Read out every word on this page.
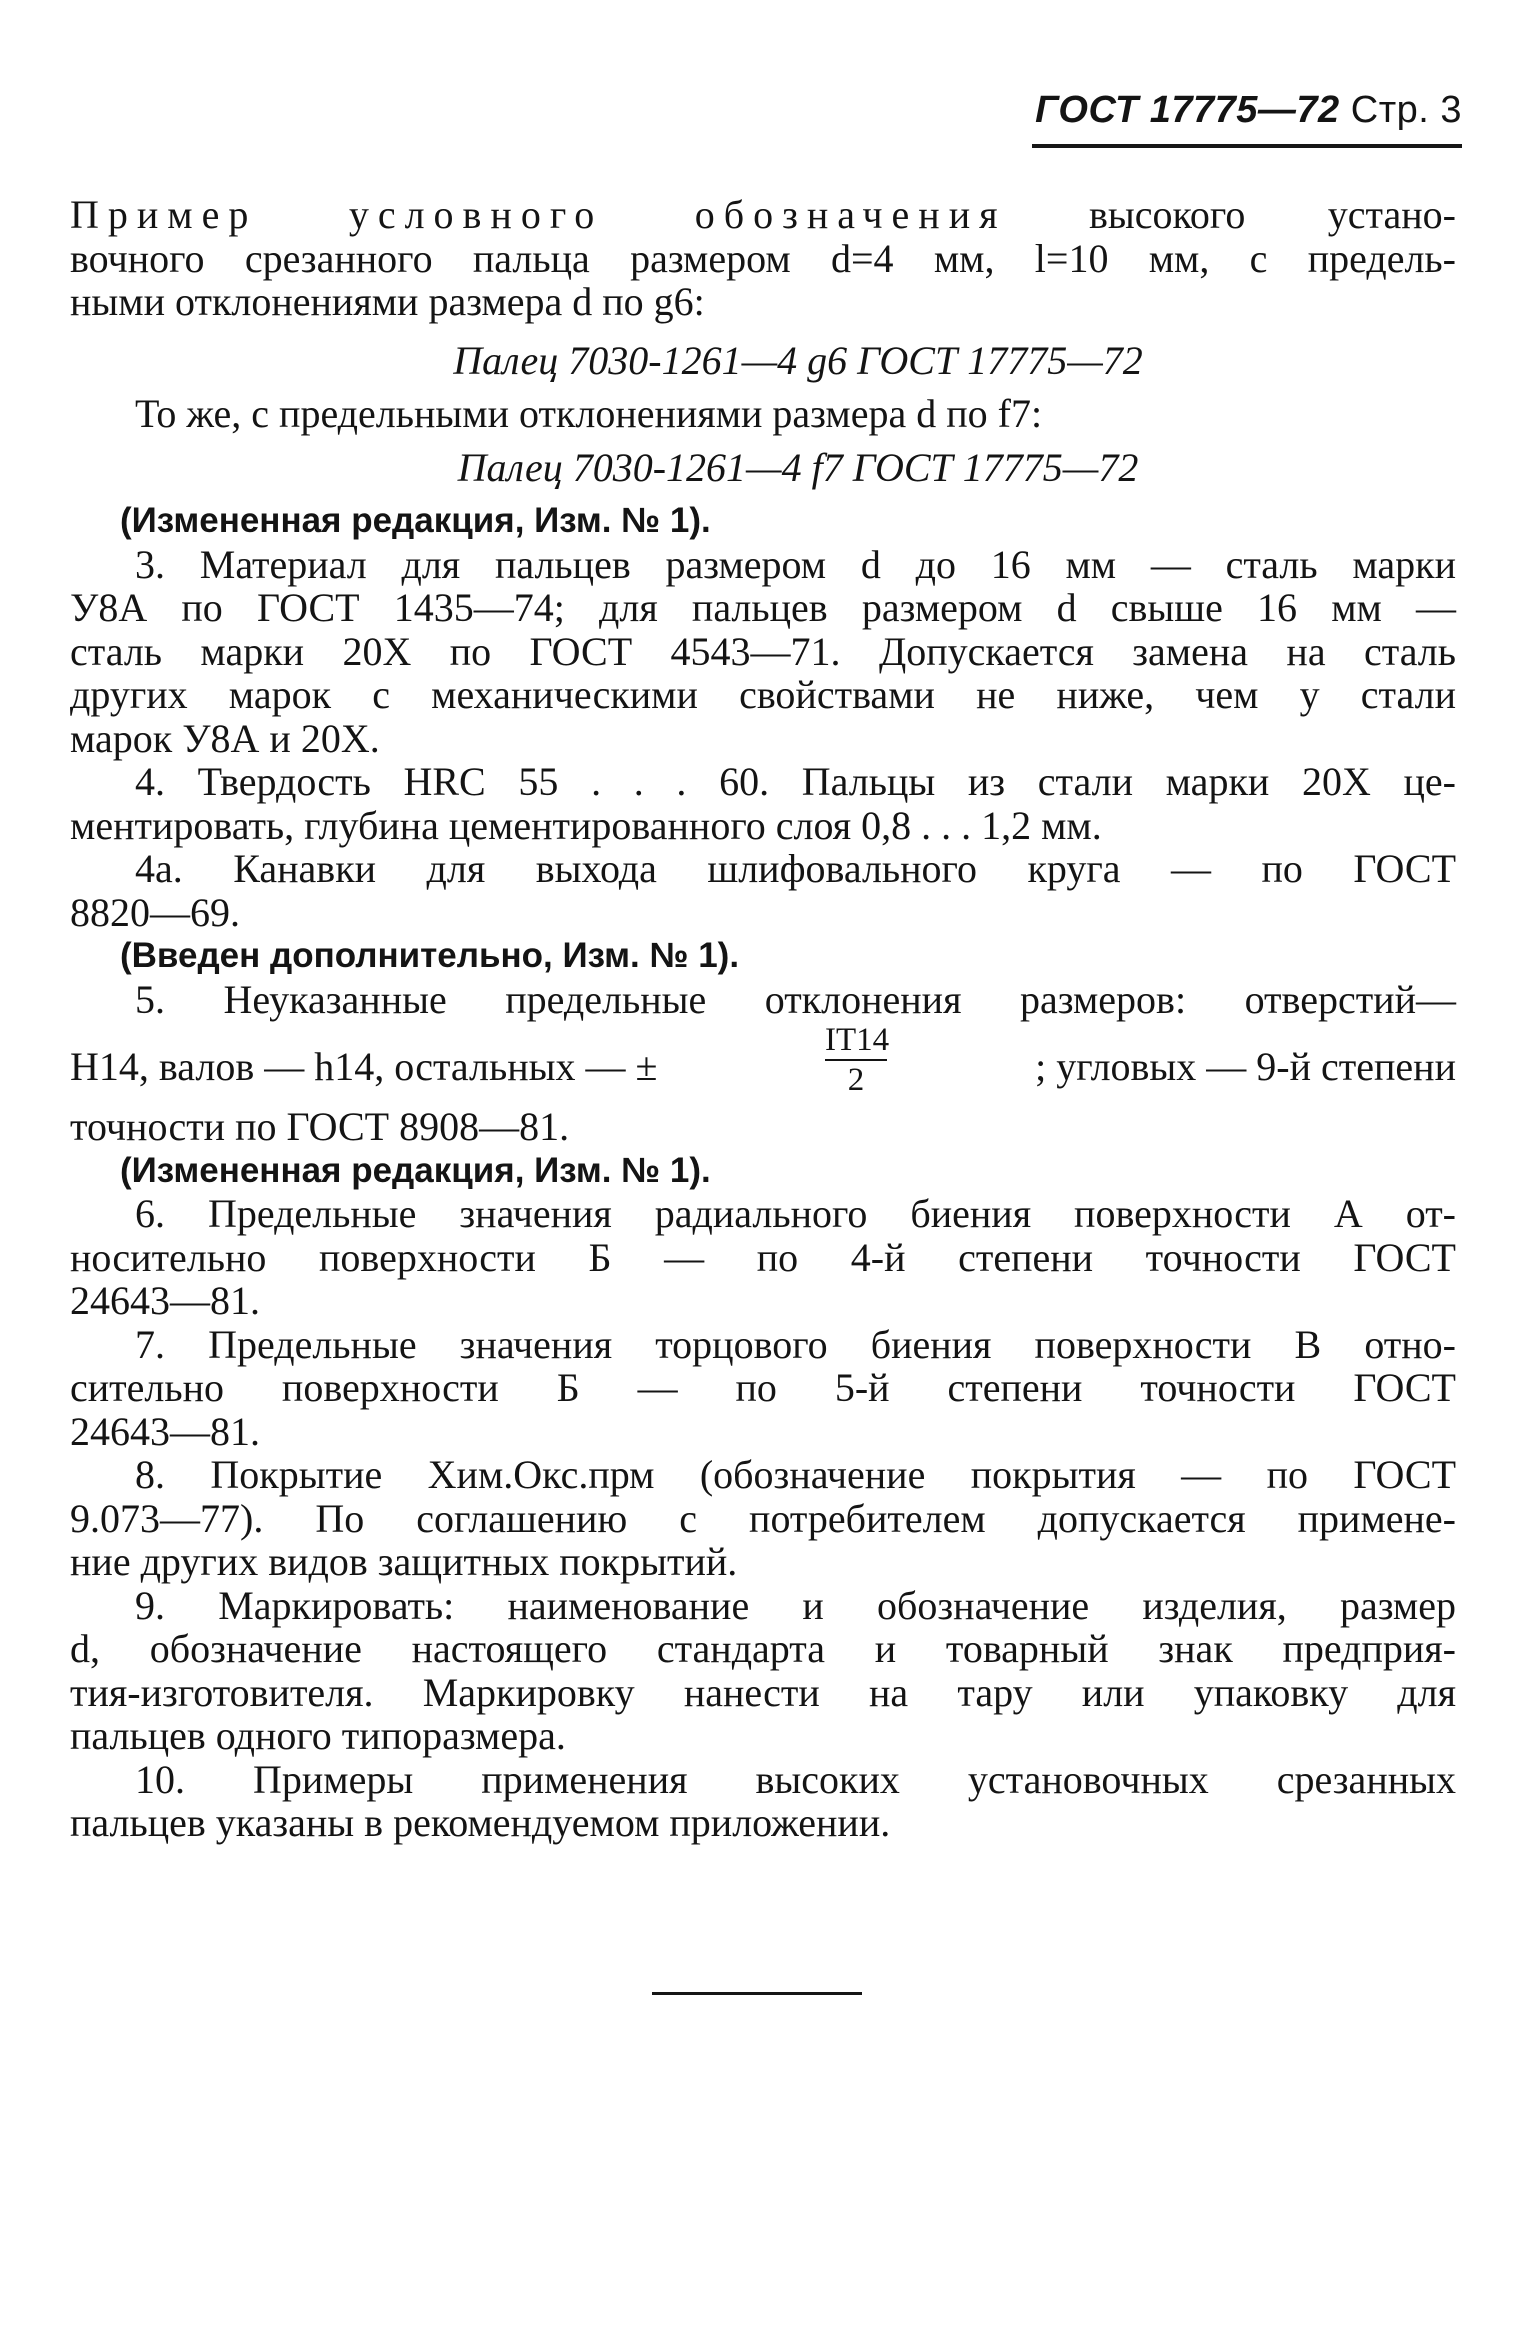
ГОСТ 17775—72 Стр. 3
Пример условного обозначения высокого устано-
вочного срезанного пальца размером d=4 мм, l=10 мм, с предель-
ными отклонениями размера d по g6:
Палец 7030-1261—4 g6 ГОСТ 17775—72
То же, с предельными отклонениями размера d по f7:
Палец 7030-1261—4 f7 ГОСТ 17775—72
(Измененная редакция, Изм. № 1).
3. Материал для пальцев размером d до 16 мм — сталь марки
У8А по ГОСТ 1435—74; для пальцев размером d свыше 16 мм —
сталь марки 20Х по ГОСТ 4543—71. Допускается замена на сталь
других марок с механическими свойствами не ниже, чем у стали
марок У8А и 20Х.
4. Твердость HRC 55 . . . 60. Пальцы из стали марки 20Х це-
ментировать, глубина цементированного слоя 0,8 . . . 1,2 мм.
4а. Канавки для выхода шлифовального круга — по ГОСТ
8820—69.
(Введен дополнительно, Изм. № 1).
5. Неуказанные предельные отклонения размеров: отверстий—
Н14, валов — h14, остальных — ±	$\frac{IT14}{2}$	; угловых — 9-й степени
точности по ГОСТ 8908—81.
(Измененная редакция, Изм. № 1).
6. Предельные значения радиального биения поверхности А от-
носительно поверхности Б — по 4-й степени точности ГОСТ
24643—81.
7. Предельные значения торцового биения поверхности В отно-
сительно поверхности Б — по 5-й степени точности ГОСТ
24643—81.
8. Покрытие Хим.Окс.прм (обозначение покрытия — по ГОСТ
9.073—77). По соглашению с потребителем допускается примене-
ние других видов защитных покрытий.
9. Маркировать: наименование и обозначение изделия, размер
d, обозначение настоящего стандарта и товарный знак предприя-
тия-изготовителя. Маркировку нанести на тару или упаковку для
пальцев одного типоразмера.
10. Примеры применения высоких установочных срезанных
пальцев указаны в рекомендуемом приложении.
